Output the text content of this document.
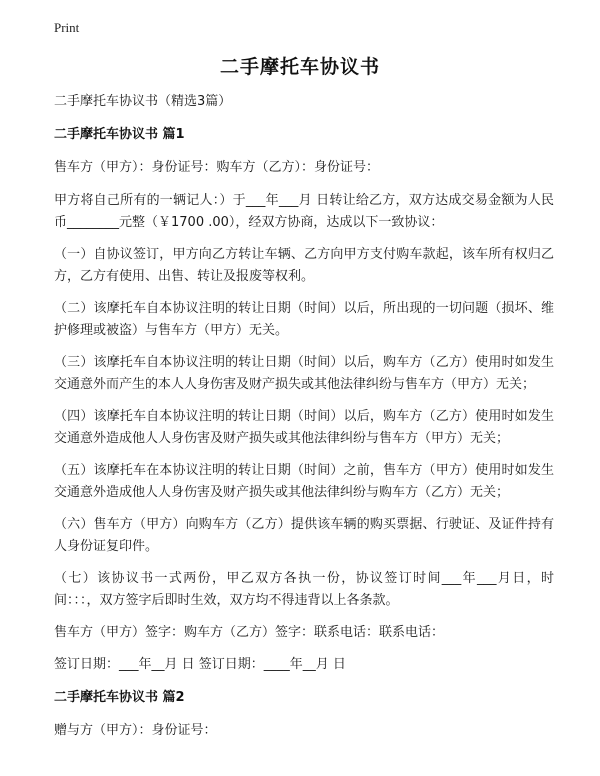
Print
二手摩托车协议书

二手摩托车协议书（精选3篇）

二手摩托车协议书 篇1

售车方（甲方）：身份证号：购车方（乙方）：身份证号：

甲方将自己所有的一辆记人：）于___年___月 日转让给乙方，双方达成交易金额为人民币________元整（￥1700 .00），经双方协商，达成以下一致协议：

（一）自协议签订，甲方向乙方转让车辆、乙方向甲方支付购车款起，该车所有权归乙方，乙方有使用、出售、转让及报废等权利。

（二）该摩托车自本协议注明的转让日期（时间）以后，所出现的一切问题（损坏、维护修理或被盗）与售车方（甲方）无关。

（三）该摩托车自本协议注明的转让日期（时间）以后，购车方（乙方）使用时如发生交通意外而产生的本人人身伤害及财产损失或其他法律纠纷与售车方（甲方）无关；

（四）该摩托车自本协议注明的转让日期（时间）以后，购车方（乙方）使用时如发生交通意外造成他人人身伤害及财产损失或其他法律纠纷与售车方（甲方）无关；

（五）该摩托车在本协议注明的转让日期（时间）之前，售车方（甲方）使用时如发生交通意外造成他人人身伤害及财产损失或其他法律纠纷与购车方（乙方）无关；

（六）售车方（甲方）向购车方（乙方）提供该车辆的购买票据、行驶证、及证件持有人身份证复印件。

（七）该协议书一式两份，甲乙双方各执一份，协议签订时间___年___月日，时间：：：，双方签字后即时生效，双方均不得违背以上各条款。

售车方（甲方）签字：购车方（乙方）签字：联系电话：联系电话：

签订日期：___年__月 日 签订日期：____年__月 日

二手摩托车协议书 篇2

赠与方（甲方）：身份证号：
